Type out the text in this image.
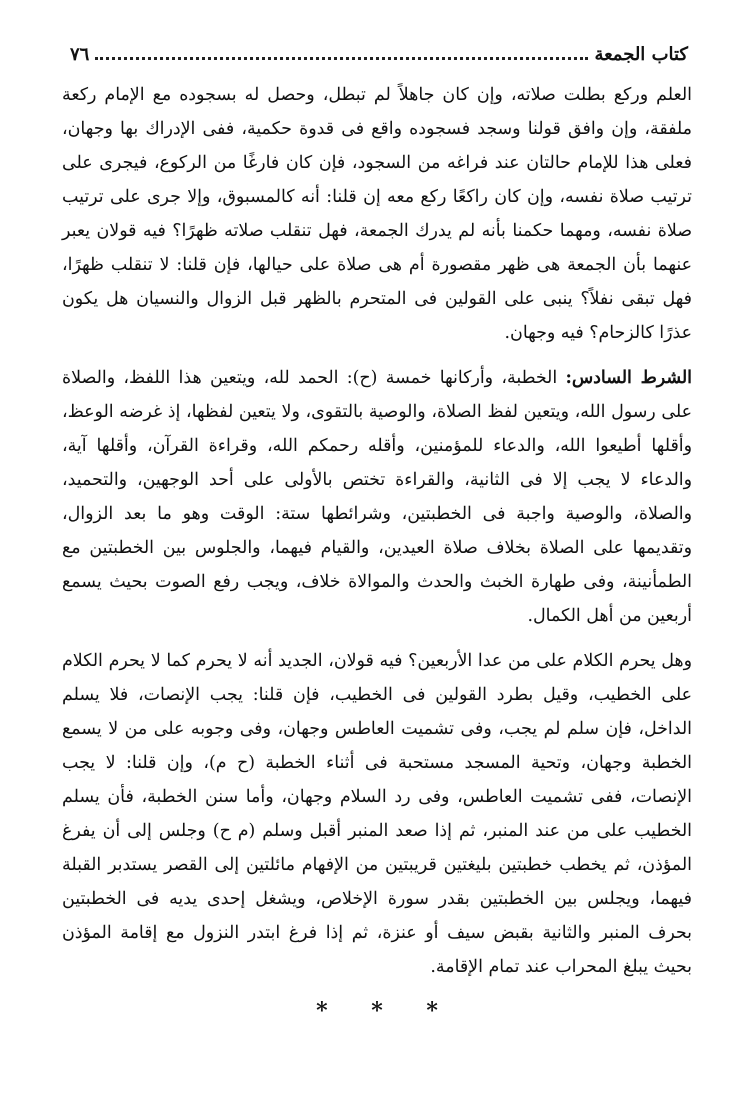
كتاب الجمعة
٧٦

العلم وركع بطلت صلاته، وإن كان جاهلاً لم تبطل، وحصل له بسجوده مع الإمام ركعة ملفقة، وإن وافق قولنا وسجد فسجوده واقع فى قدوة حكمية، ففى الإدراك بها وجهان، فعلى هذا للإمام حالتان عند فراغه من السجود، فإن كان فارغًا من الركوع، فيجرى على ترتيب صلاة نفسه، وإن كان راكعًا ركع معه إن قلنا: أنه كالمسبوق، وإلا جرى على ترتيب صلاة نفسه، ومهما حكمنا بأنه لم يدرك الجمعة، فهل تنقلب صلاته ظهرًا؟ فيه قولان يعبر عنهما بأن الجمعة هى ظهر مقصورة أم هى صلاة على حيالها، فإن قلنا: لا تنقلب ظهرًا، فهل تبقى نفلاً؟ ينبى على القولين فى المتحرم بالظهر قبل الزوال والنسيان هل يكون عذرًا كالزحام؟ فيه وجهان.

الشرط السادس: الخطبة، وأركانها خمسة (ح): الحمد لله، ويتعين هذا اللفظ، والصلاة على رسول الله، ويتعين لفظ الصلاة، والوصية بالتقوى، ولا يتعين لفظها، إذ غرضه الوعظ، وأقلها أطيعوا الله، والدعاء للمؤمنين، وأقله رحمكم الله، وقراءة القرآن، وأقلها آية، والدعاء لا يجب إلا فى الثانية، والقراءة تختص بالأولى على أحد الوجهين، والتحميد، والصلاة، والوصية واجبة فى الخطبتين، وشرائطها ستة: الوقت وهو ما بعد الزوال، وتقديمها على الصلاة بخلاف صلاة العيدين، والقيام فيهما، والجلوس بين الخطبتين مع الطمأنينة، وفى طهارة الخبث والحدث والموالاة خلاف، ويجب رفع الصوت بحيث يسمع أربعين من أهل الكمال.

وهل يحرم الكلام على من عدا الأربعين؟ فيه قولان، الجديد أنه لا يحرم كما لا يحرم الكلام على الخطيب، وقيل بطرد القولين فى الخطيب، فإن قلنا: يجب الإنصات، فلا يسلم الداخل، فإن سلم لم يجب، وفى تشميت العاطس وجهان، وفى وجوبه على من لا يسمع الخطبة وجهان، وتحية المسجد مستحبة فى أثناء الخطبة (ح م)، وإن قلنا: لا يجب الإنصات، ففى تشميت العاطس، وفى رد السلام وجهان، وأما سنن الخطبة، فأن يسلم الخطيب على من عند المنبر، ثم إذا صعد المنبر أقبل وسلم (م ح) وجلس إلى أن يفرغ المؤذن، ثم يخطب خطبتين بليغتين قريبتين من الإفهام مائلتين إلى القصر يستدبر القبلة فيهما، ويجلس بين الخطبتين بقدر سورة الإخلاص، ويشغل إحدى يديه فى الخطبتين بحرف المنبر والثانية بقبض سيف أو عنزة، ثم إذا فرغ ابتدر النزول مع إقامة المؤذن بحيث يبلغ المحراب عند تمام الإقامة.

* * *
